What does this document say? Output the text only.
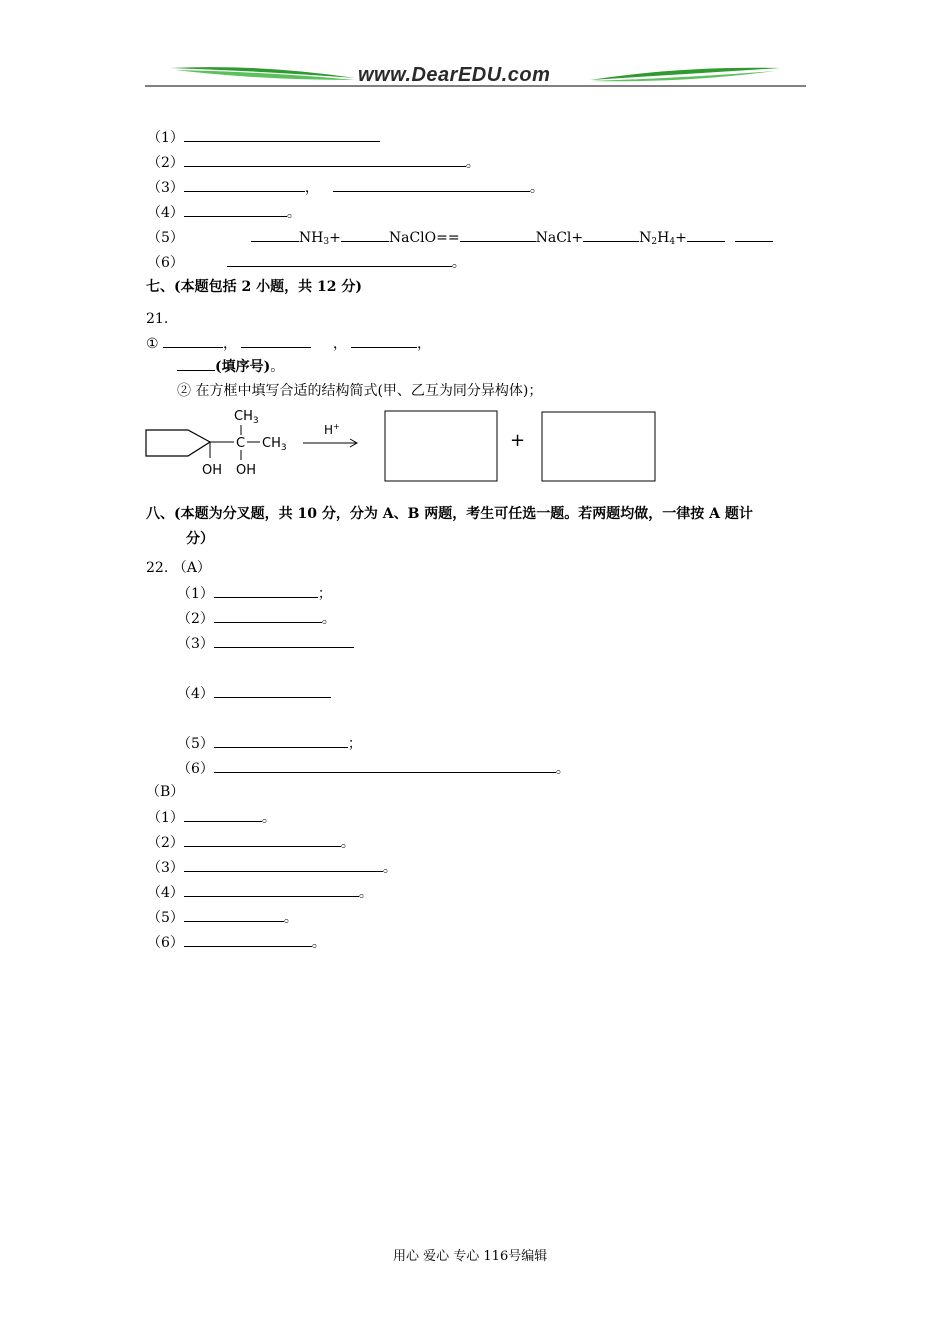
www.DearEDU.com
（1）
（2）	。
（3）	，	。
（4）	。
（5）	$NH_3+$	NaClO==	NaCl+	$N_2H_4+$
（6）	。
七、(本题包括 2 小题，共 12 分)
21.
①	，	，	，
(填序号)。
② 在方框中填写合适的结构简式(甲、乙互为同分异构体)；
OH
C
$CH_3$
$CH_3$
OH
H+
+
八、(本题为分叉题，共 10 分，分为 A、B 两题，考生可任选一题。若两题均做，一律按 A 题计
分）
22. （A）
（1）	；
（2）	。
（3）
（4）
（5）	；
（6）	。
（B）
（1）	。
（2）	。
（3）	。
（4）	。
（5）	。
（6）	。
用心 爱心 专心 116号编辑
